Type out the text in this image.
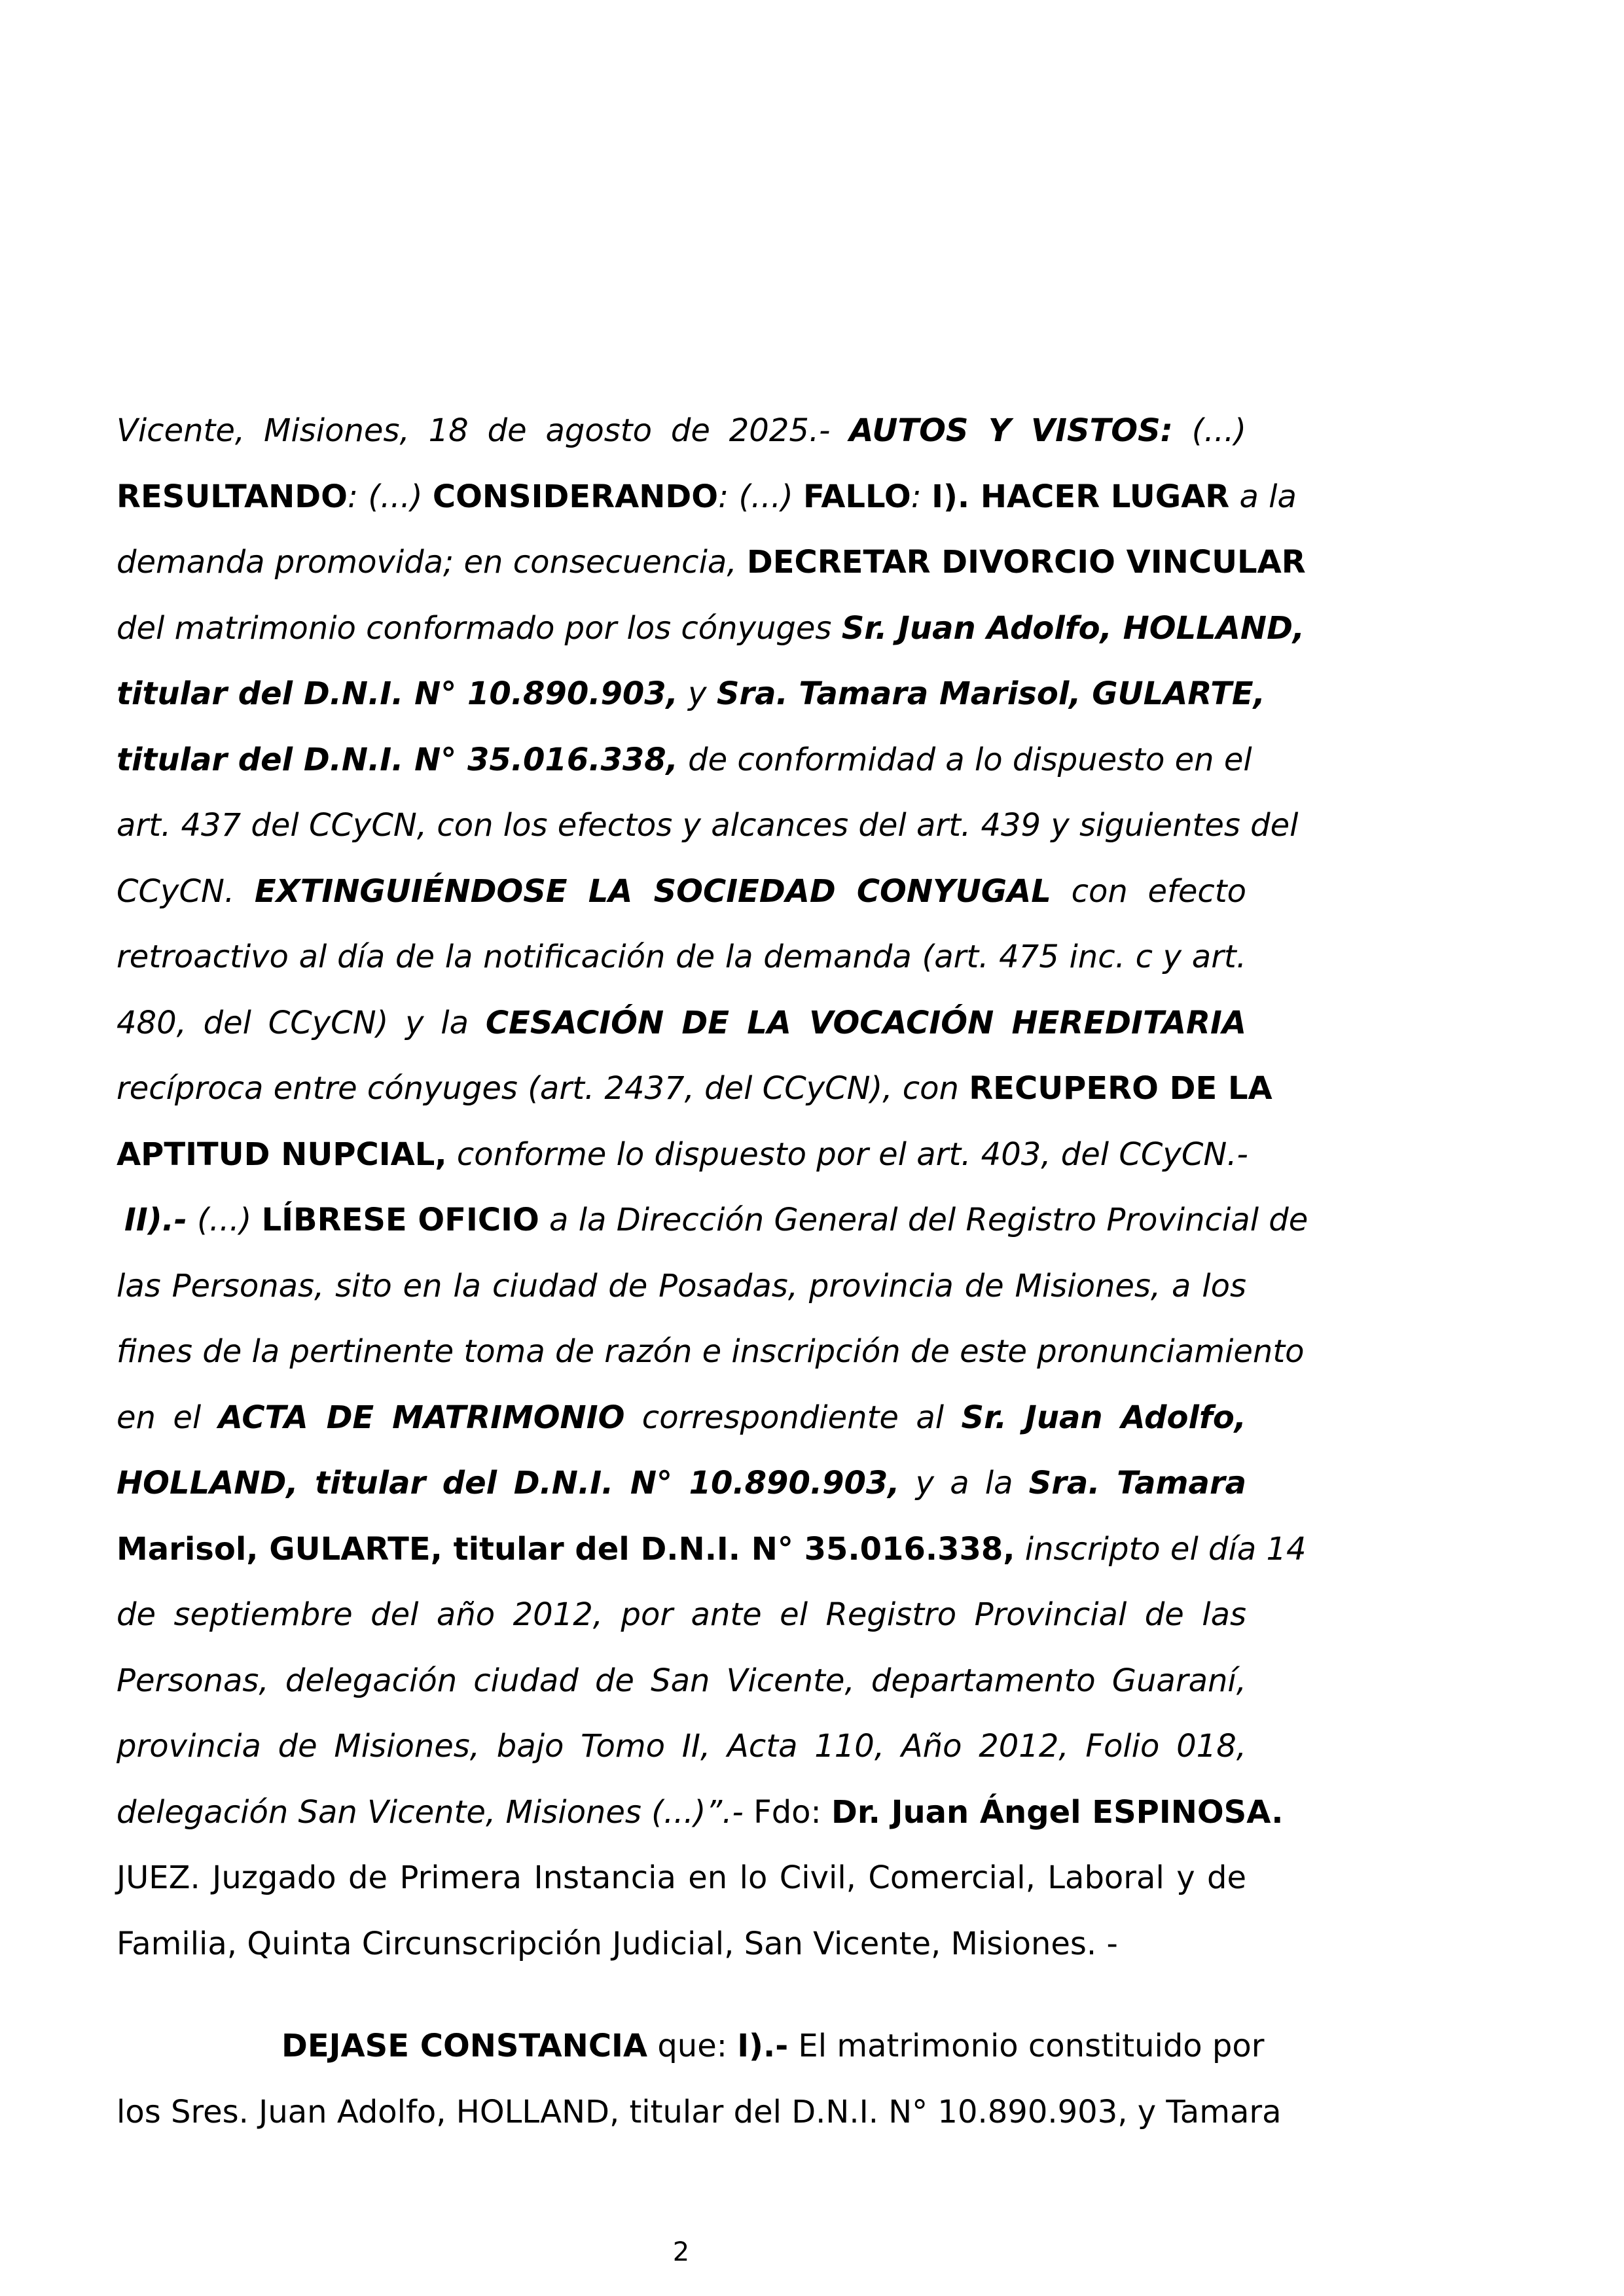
Vicente, Misiones, 18 de agosto de 2025.- AUTOS Y VISTOS: (...)
RESULTANDO: (...) CONSIDERANDO: (...) FALLO: I). HACER LUGAR a la
demanda promovida; en consecuencia, DECRETAR DIVORCIO VINCULAR
del matrimonio conformado por los cónyuges Sr. Juan Adolfo, HOLLAND,
titular del D.N.I. N° 10.890.903, y Sra. Tamara Marisol, GULARTE,
titular del D.N.I. N° 35.016.338, de conformidad a lo dispuesto en el
art. 437 del CCyCN, con los efectos y alcances del art. 439 y siguientes del
CCyCN. EXTINGUIÉNDOSE LA SOCIEDAD CONYUGAL con efecto
retroactivo al día de la notificación de la demanda (art. 475 inc. c y art.
480, del CCyCN) y la CESACIÓN DE LA VOCACIÓN HEREDITARIA
recíproca entre cónyuges (art. 2437, del CCyCN), con RECUPERO DE LA
APTITUD NUPCIAL, conforme lo dispuesto por el art. 403, del CCyCN.-
II).- (...) LÍBRESE OFICIO a la Dirección General del Registro Provincial de
las Personas, sito en la ciudad de Posadas, provincia de Misiones, a los
fines de la pertinente toma de razón e inscripción de este pronunciamiento
en el ACTA DE MATRIMONIO correspondiente al Sr. Juan Adolfo,
HOLLAND, titular del D.N.I. N° 10.890.903, y a la Sra. Tamara
Marisol, GULARTE, titular del D.N.I. N° 35.016.338, inscripto el día 14
de septiembre del año 2012, por ante el Registro Provincial de las
Personas, delegación ciudad de San Vicente, departamento Guaraní,
provincia de Misiones, bajo Tomo II, Acta 110, Año 2012, Folio 018,
delegación San Vicente, Misiones (...)”.- Fdo: Dr. Juan Ángel ESPINOSA.
JUEZ. Juzgado de Primera Instancia en lo Civil, Comercial, Laboral y de
Familia, Quinta Circunscripción Judicial, San Vicente, Misiones. -
DEJASE CONSTANCIA que: I).- El matrimonio constituido por
los Sres. Juan Adolfo, HOLLAND, titular del D.N.I. N° 10.890.903, y Tamara
2
